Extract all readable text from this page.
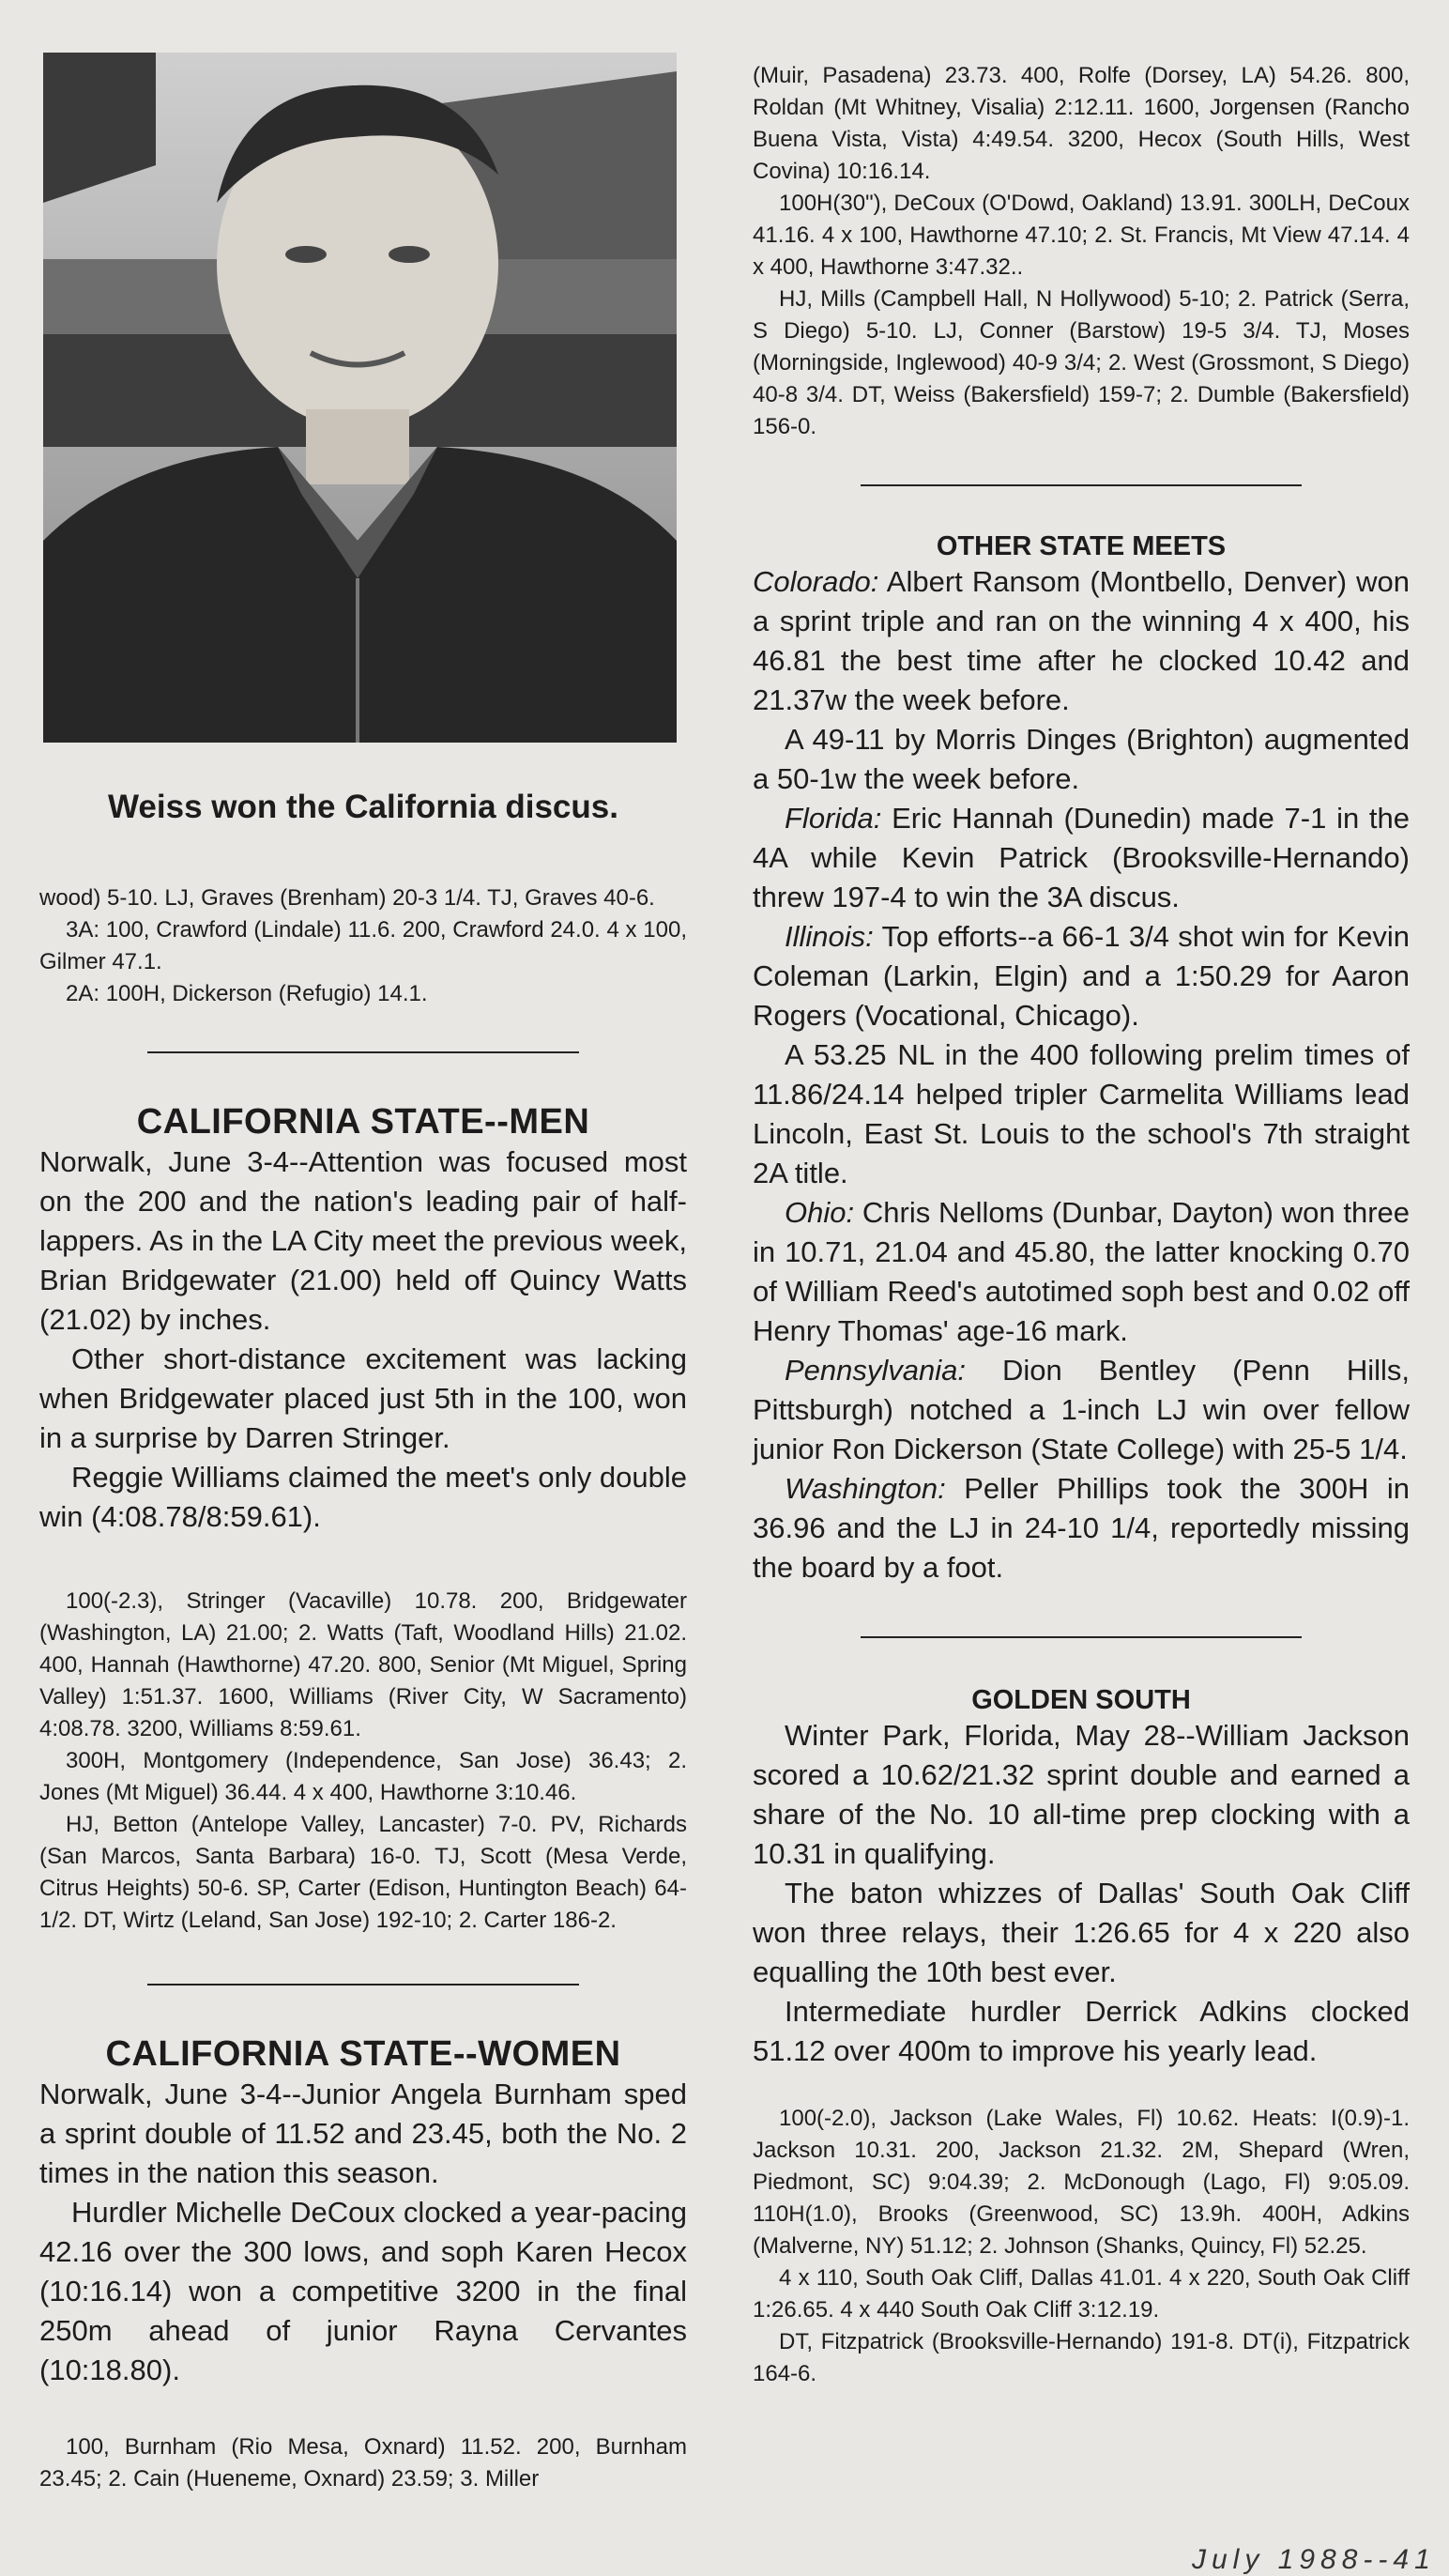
Weiss won the California discus.

wood) 5-10. LJ, Graves (Brenham) 20-3 1/4. TJ, Graves 40-6.

3A: 100, Crawford (Lindale) 11.6. 200, Crawford 24.0. 4 x 100, Gilmer 47.1.

2A: 100H, Dickerson (Refugio) 14.1.

CALIFORNIA STATE--MEN

Norwalk, June 3-4--Attention was focused most on the 200 and the nation's leading pair of half-lappers. As in the LA City meet the previous week, Brian Bridgewater (21.00) held off Quincy Watts (21.02) by inches.

Other short-distance excitement was lacking when Bridgewater placed just 5th in the 100, won in a surprise by Darren Stringer.

Reggie Williams claimed the meet's only double win (4:08.78/8:59.61).

100(-2.3), Stringer (Vacaville) 10.78. 200, Bridgewater (Washington, LA) 21.00; 2. Watts (Taft, Woodland Hills) 21.02. 400, Hannah (Hawthorne) 47.20. 800, Senior (Mt Miguel, Spring Valley) 1:51.37. 1600, Williams (River City, W Sacramento) 4:08.78. 3200, Williams 8:59.61.

300H, Montgomery (Independence, San Jose) 36.43; 2. Jones (Mt Miguel) 36.44. 4 x 400, Hawthorne 3:10.46.

HJ, Betton (Antelope Valley, Lancaster) 7-0. PV, Richards (San Marcos, Santa Barbara) 16-0. TJ, Scott (Mesa Verde, Citrus Heights) 50-6. SP, Carter (Edison, Huntington Beach) 64-1/2. DT, Wirtz (Leland, San Jose) 192-10; 2. Carter 186-2.

CALIFORNIA STATE--WOMEN

Norwalk, June 3-4--Junior Angela Burnham sped a sprint double of 11.52 and 23.45, both the No. 2 times in the nation this season.

Hurdler Michelle DeCoux clocked a year-pacing 42.16 over the 300 lows, and soph Karen Hecox (10:16.14) won a competitive 3200 in the final 250m ahead of junior Rayna Cervantes (10:18.80).

100, Burnham (Rio Mesa, Oxnard) 11.52. 200, Burnham 23.45; 2. Cain (Hueneme, Oxnard) 23.59; 3. Miller

(Muir, Pasadena) 23.73. 400, Rolfe (Dorsey, LA) 54.26. 800, Roldan (Mt Whitney, Visalia) 2:12.11. 1600, Jorgensen (Rancho Buena Vista, Vista) 4:49.54. 3200, Hecox (South Hills, West Covina) 10:16.14.

100H(30"), DeCoux (O'Dowd, Oakland) 13.91. 300LH, DeCoux 41.16. 4 x 100, Hawthorne 47.10; 2. St. Francis, Mt View 47.14. 4 x 400, Hawthorne 3:47.32..

HJ, Mills (Campbell Hall, N Hollywood) 5-10; 2. Patrick (Serra, S Diego) 5-10. LJ, Conner (Barstow) 19-5 3/4. TJ, Moses (Morningside, Inglewood) 40-9 3/4; 2. West (Grossmont, S Diego) 40-8 3/4. DT, Weiss (Bakersfield) 159-7; 2. Dumble (Bakersfield) 156-0.

OTHER STATE MEETS

Colorado: Albert Ransom (Montbello, Denver) won a sprint triple and ran on the winning 4 x 400, his 46.81 the best time after he clocked 10.42 and 21.37w the week before.

A 49-11 by Morris Dinges (Brighton) augmented a 50-1w the week before.

Florida: Eric Hannah (Dunedin) made 7-1 in the 4A while Kevin Patrick (Brooksville-Hernando) threw 197-4 to win the 3A discus.

Illinois: Top efforts--a 66-1 3/4 shot win for Kevin Coleman (Larkin, Elgin) and a 1:50.29 for Aaron Rogers (Vocational, Chicago).

A 53.25 NL in the 400 following prelim times of 11.86/24.14 helped tripler Carmelita Williams lead Lincoln, East St. Louis to the school's 7th straight 2A title.

Ohio: Chris Nelloms (Dunbar, Dayton) won three in 10.71, 21.04 and 45.80, the latter knocking 0.70 of William Reed's autotimed soph best and 0.02 off Henry Thomas' age-16 mark.

Pennsylvania: Dion Bentley (Penn Hills, Pittsburgh) notched a 1-inch LJ win over fellow junior Ron Dickerson (State College) with 25-5 1/4.

Washington: Peller Phillips took the 300H in 36.96 and the LJ in 24-10 1/4, reportedly missing the board by a foot.

GOLDEN SOUTH

Winter Park, Florida, May 28--William Jackson scored a 10.62/21.32 sprint double and earned a share of the No. 10 all-time prep clocking with a 10.31 in qualifying.

The baton whizzes of Dallas' South Oak Cliff won three relays, their 1:26.65 for 4 x 220 also equalling the 10th best ever.

Intermediate hurdler Derrick Adkins clocked 51.12 over 400m to improve his yearly lead.

100(-2.0), Jackson (Lake Wales, Fl) 10.62. Heats: I(0.9)-1. Jackson 10.31. 200, Jackson 21.32. 2M, Shepard (Wren, Piedmont, SC) 9:04.39; 2. McDonough (Lago, Fl) 9:05.09. 110H(1.0), Brooks (Greenwood, SC) 13.9h. 400H, Adkins (Malverne, NY) 51.12; 2. Johnson (Shanks, Quincy, Fl) 52.25.

4 x 110, South Oak Cliff, Dallas 41.01. 4 x 220, South Oak Cliff 1:26.65. 4 x 440 South Oak Cliff 3:12.19.

DT, Fitzpatrick (Brooksville-Hernando) 191-8. DT(i), Fitzpatrick 164-6.

July 1988--41
